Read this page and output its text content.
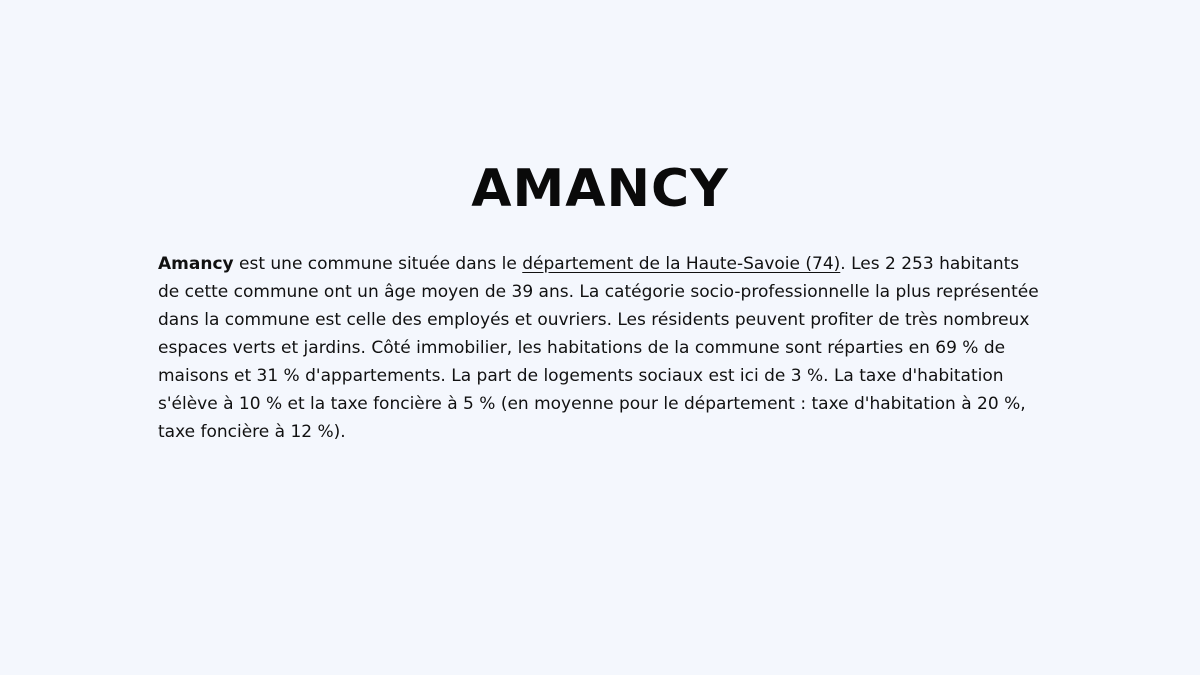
AMANCY

Amancy est une commune située dans le département de la Haute-Savoie (74). Les 2 253 habitants de cette commune ont un âge moyen de 39 ans. La catégorie socio-professionnelle la plus représentée dans la commune est celle des employés et ouvriers. Les résidents peuvent profiter de très nombreux espaces verts et jardins. Côté immobilier, les habitations de la commune sont réparties en 69 % de maisons et 31 % d'appartements. La part de logements sociaux est ici de 3 %. La taxe d'habitation s'élève à 10 % et la taxe foncière à 5 % (en moyenne pour le département : taxe d'habitation à 20 %, taxe foncière à 12 %).
